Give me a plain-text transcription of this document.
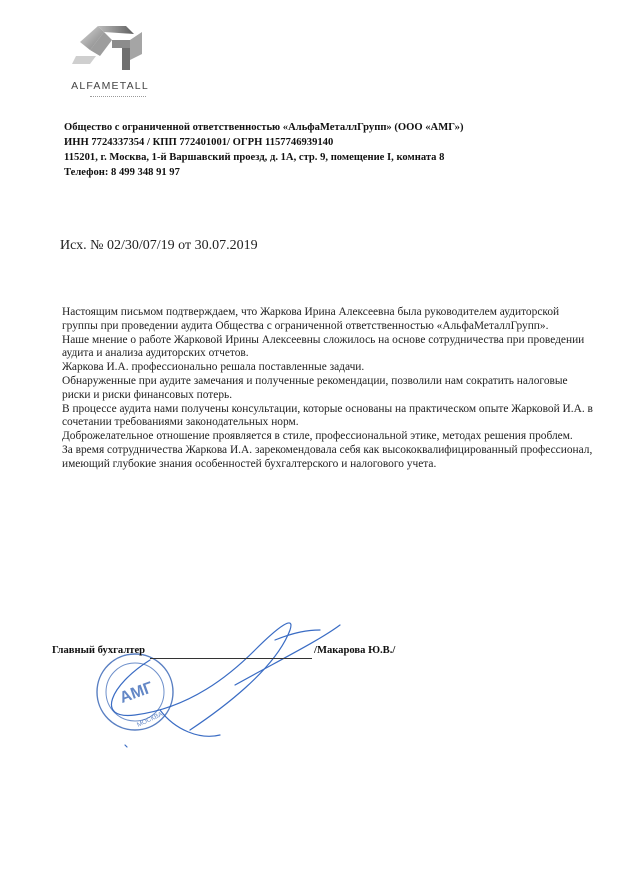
ALFAMETALL
Общество с ограниченной ответственностью «АльфаМеталлГрупп» (ООО «АМГ»)
ИНН 7724337354 / КПП 772401001/ ОГРН 1157746939140
115201, г. Москва, 1-й Варшавский проезд, д. 1А, стр. 9, помещение I, комната 8
Телефон: 8 499 348 91 97
Исх. № 02/30/07/19 от 30.07.2019

Настоящим письмом подтверждаем, что Жаркова Ирина Алексеевна была руководителем аудиторской группы при проведении аудита Общества с ограниченной ответственностью «АльфаМеталлГрупп».

Наше мнение о работе Жарковой Ирины Алексеевны сложилось на основе сотрудничества при проведении аудита и анализа аудиторских отчетов.

Жаркова И.А. профессионально решала поставленные задачи.

Обнаруженные при аудите замечания и полученные рекомендации, позволили нам сократить налоговые риски и риски финансовых потерь.

В процессе аудита нами получены консультации, которые основаны на практическом опыте Жарковой И.А. в сочетании требованиями законодательных норм.

Доброжелательное отношение проявляется в стиле, профессиональной этике, методах решения проблем.

За время сотрудничества Жаркова И.А. зарекомендовала себя как высококвалифицированный профессионал, имеющий глубокие знания особенностей бухгалтерского и налогового учета.

АМГ
МОСКВА
Главный бухгалтер	/Макарова Ю.В./
